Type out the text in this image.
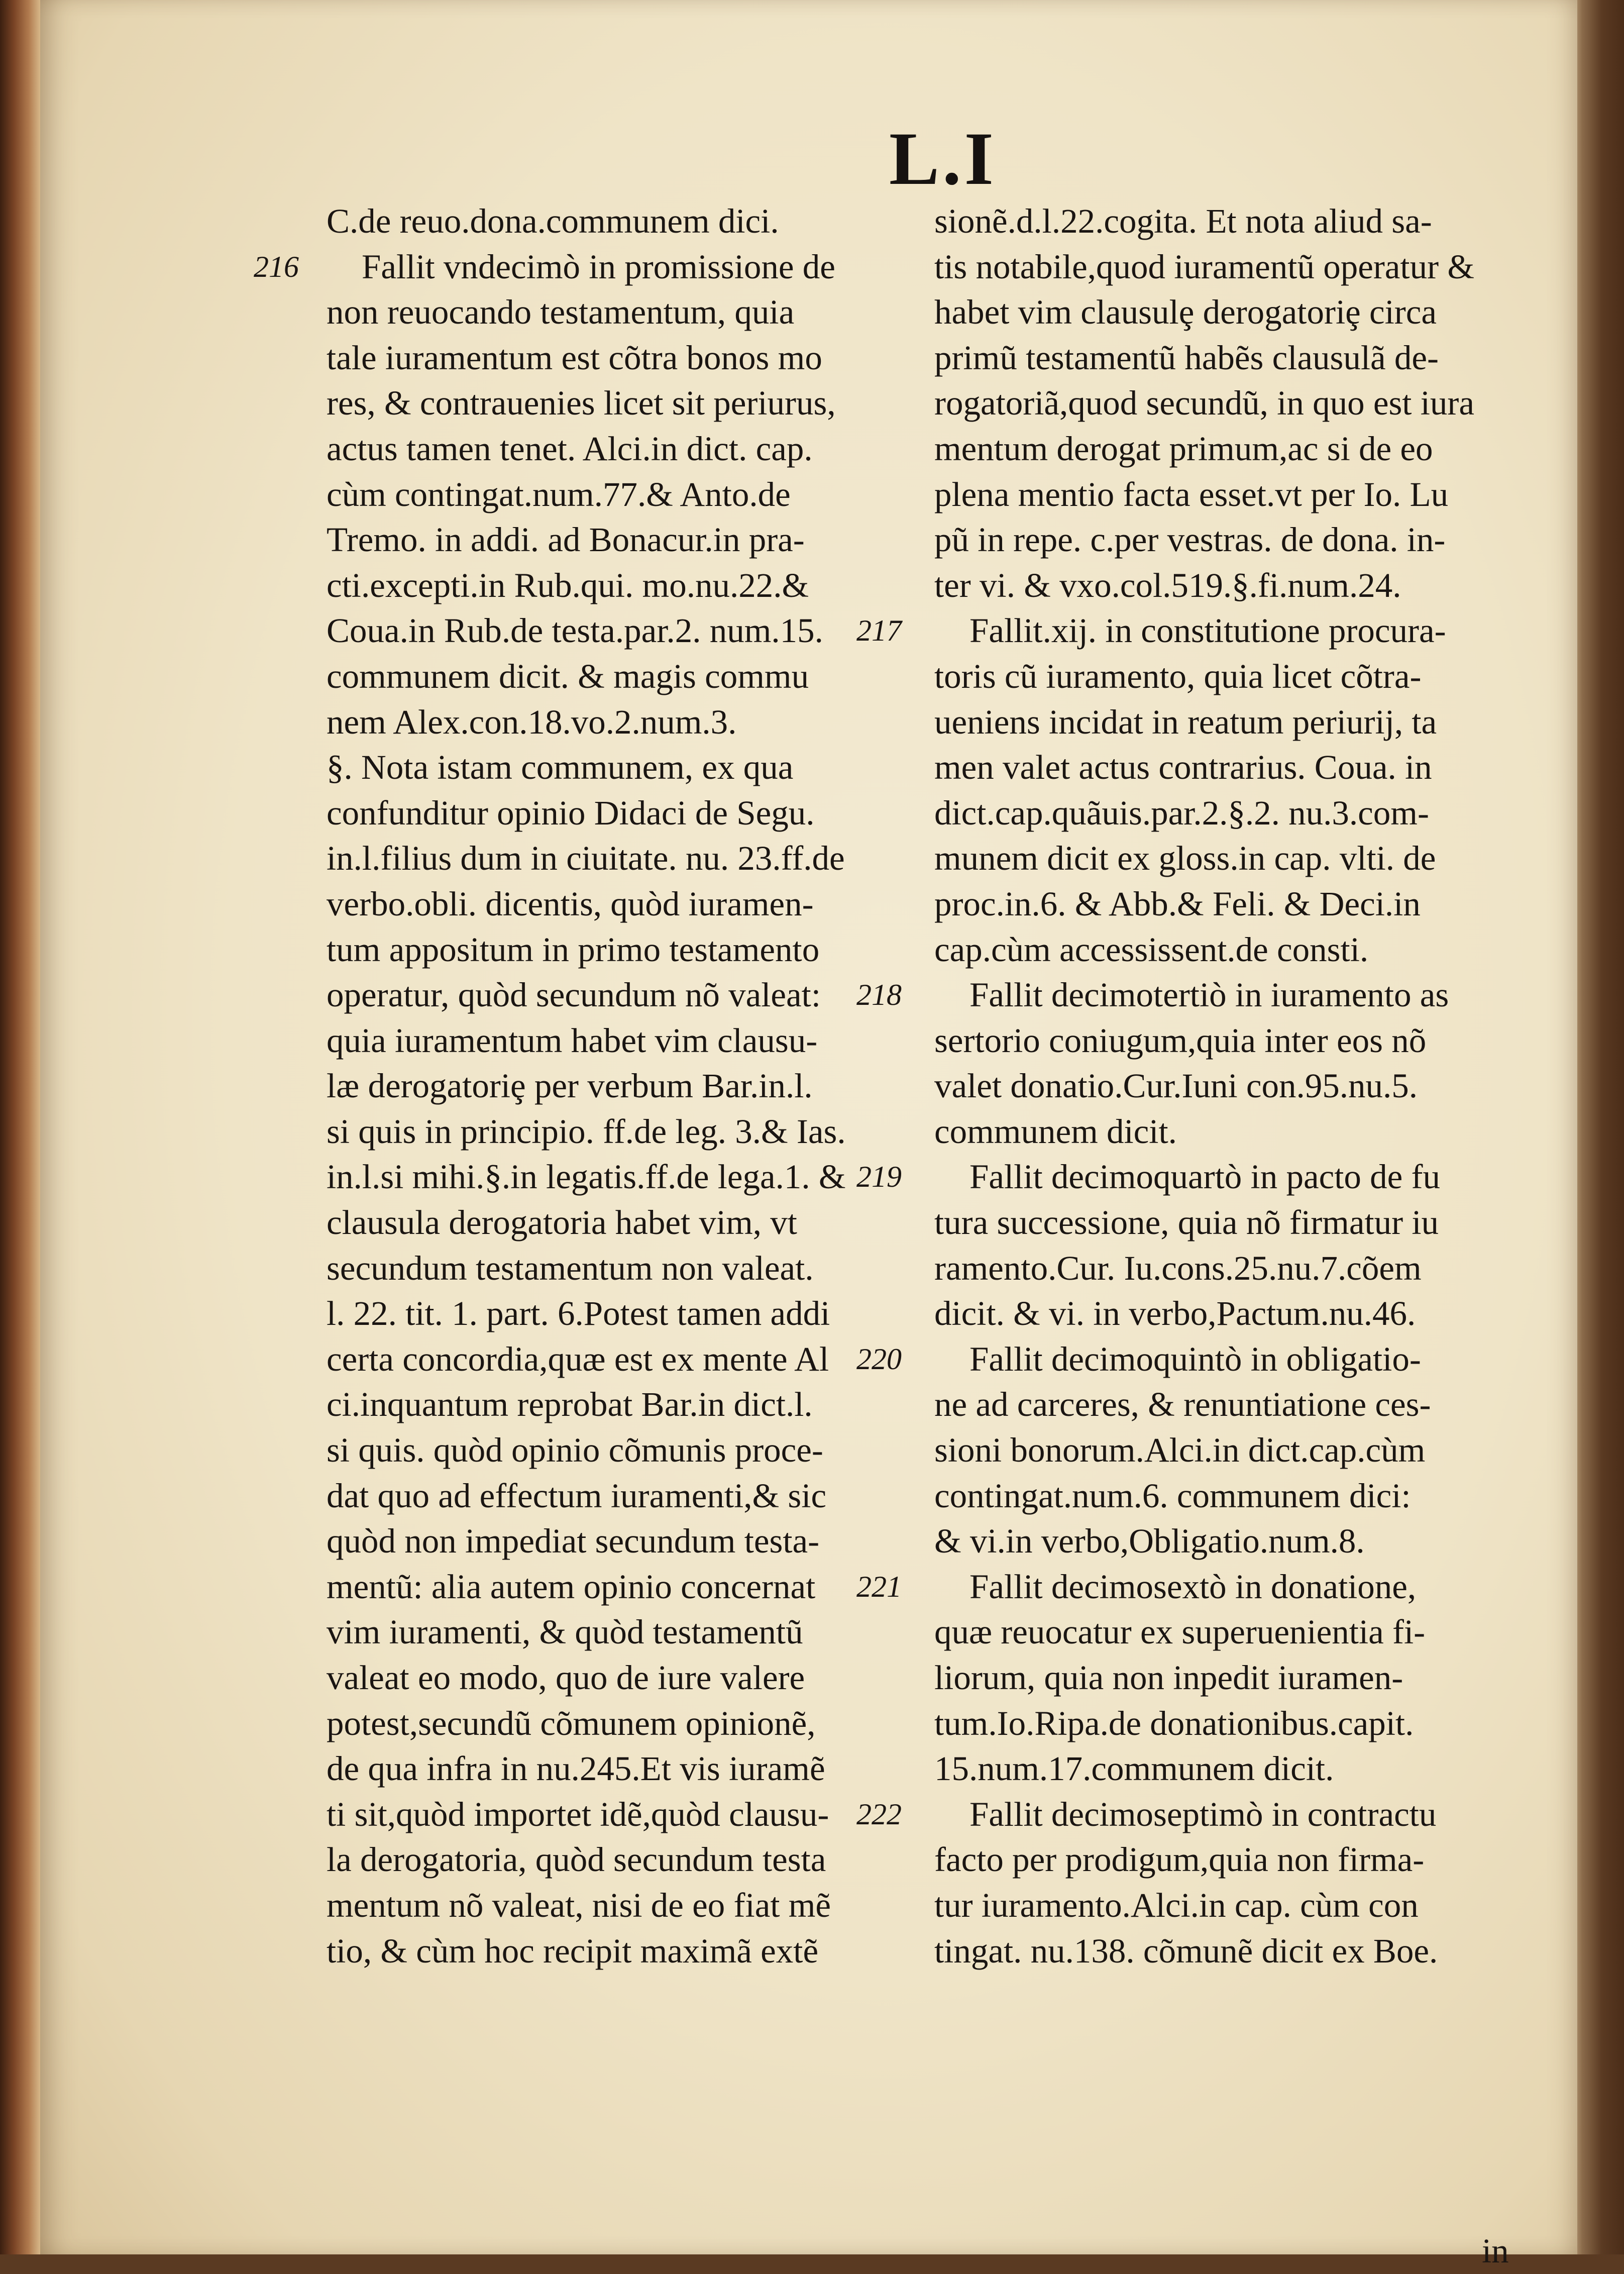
L.I
C.de reuo.dona.communem dici.
216 Fallit vndecimò in promissione de
non reuocando testamentum, quia
tale iuramentum est cõtra bonos mo
res, & contrauenies licet sit periurus,
actus tamen tenet. Alci.in dict. cap.
cùm contingat.num.77.& Anto.de
Tremo. in addi. ad Bonacur.in pra-
cti.excepti.in Rub.qui. mo.nu.22.&
Coua.in Rub.de testa.par.2. num.15.
communem dicit. & magis commu
nem Alex.con.18.vo.2.num.3.
§. Nota istam communem, ex qua
confunditur opinio Didaci de Segu.
in.l.filius dum in ciuitate. nu. 23.ff.de
verbo.obli. dicentis, quòd iuramen-
tum appositum in primo testamento
operatur, quòd secundum nõ valeat:
quia iuramentum habet vim clausu-
læ derogatoriȩ per verbum Bar.in.l.
si quis in principio. ff.de leg. 3.& Ias.
in.l.si mihi.§.in legatis.ff.de lega.1. &
clausula derogatoria habet vim, vt
secundum testamentum non valeat.
l. 22. tit. 1. part. 6.Potest tamen addi
certa concordia,quæ est ex mente Al
ci.inquantum reprobat Bar.in dict.l.
si quis. quòd opinio cõmunis proce-
dat quo ad effectum iuramenti,& sic
quòd non impediat secundum testa-
mentũ: alia autem opinio concernat
vim iuramenti, & quòd testamentũ
valeat eo modo, quo de iure valere
potest,secundũ cõmunem opinionẽ,
de qua infra in nu.245.Et vis iuramẽ
ti sit,quòd importet idẽ,quòd clausu-
la derogatoria, quòd secundum testa
mentum nõ valeat, nisi de eo fiat mẽ
tio, & cùm hoc recipit maximã extẽ
sionẽ.d.l.22.cogita. Et nota aliud sa-
tis notabile,quod iuramentũ operatur &
habet vim clausulȩ derogatoriȩ circa
primũ testamentũ habẽs clausulã de-
rogatoriã,quod secundũ, in quo est iura
mentum derogat primum,ac si de eo
plena mentio facta esset.vt per Io. Lu
pũ in repe. c.per vestras. de dona. in-
ter vi. & vxo.col.519.§.fi.num.24.
217 Fallit.xij. in constitutione procura-
toris cũ iuramento, quia licet cõtra-
ueniens incidat in reatum periurij, ta
men valet actus contrarius. Coua. in
dict.cap.quãuis.par.2.§.2. nu.3.com-
munem dicit ex gloss.in cap. vlti. de
proc.in.6. & Abb.& Feli. & Deci.in
cap.cùm accessissent.de consti.
218 Fallit decimotertiò in iuramento as
sertorio coniugum,quia inter eos nõ
valet donatio.Cur.Iuni con.95.nu.5.
communem dicit.
219 Fallit decimoquartò in pacto de fu
tura successione, quia nõ firmatur iu
ramento.Cur. Iu.cons.25.nu.7.cõem
dicit. & vi. in verbo,Pactum.nu.46.
220 Fallit decimoquintò in obligatio-
ne ad carceres, & renuntiatione ces-
sioni bonorum.Alci.in dict.cap.cùm
contingat.num.6. communem dici:
& vi.in verbo,Obligatio.num.8.
221 Fallit decimosextò in donatione,
quæ reuocatur ex superuenientia fi-
liorum, quia non inpedit iuramen-
tum.Io.Ripa.de donationibus.capit.
15.num.17.communem dicit.
222 Fallit decimoseptimò in contractu
facto per prodigum,quia non firma-
tur iuramento.Alci.in cap. cùm con
tingat. nu.138. cõmunẽ dicit ex Boe.
in
